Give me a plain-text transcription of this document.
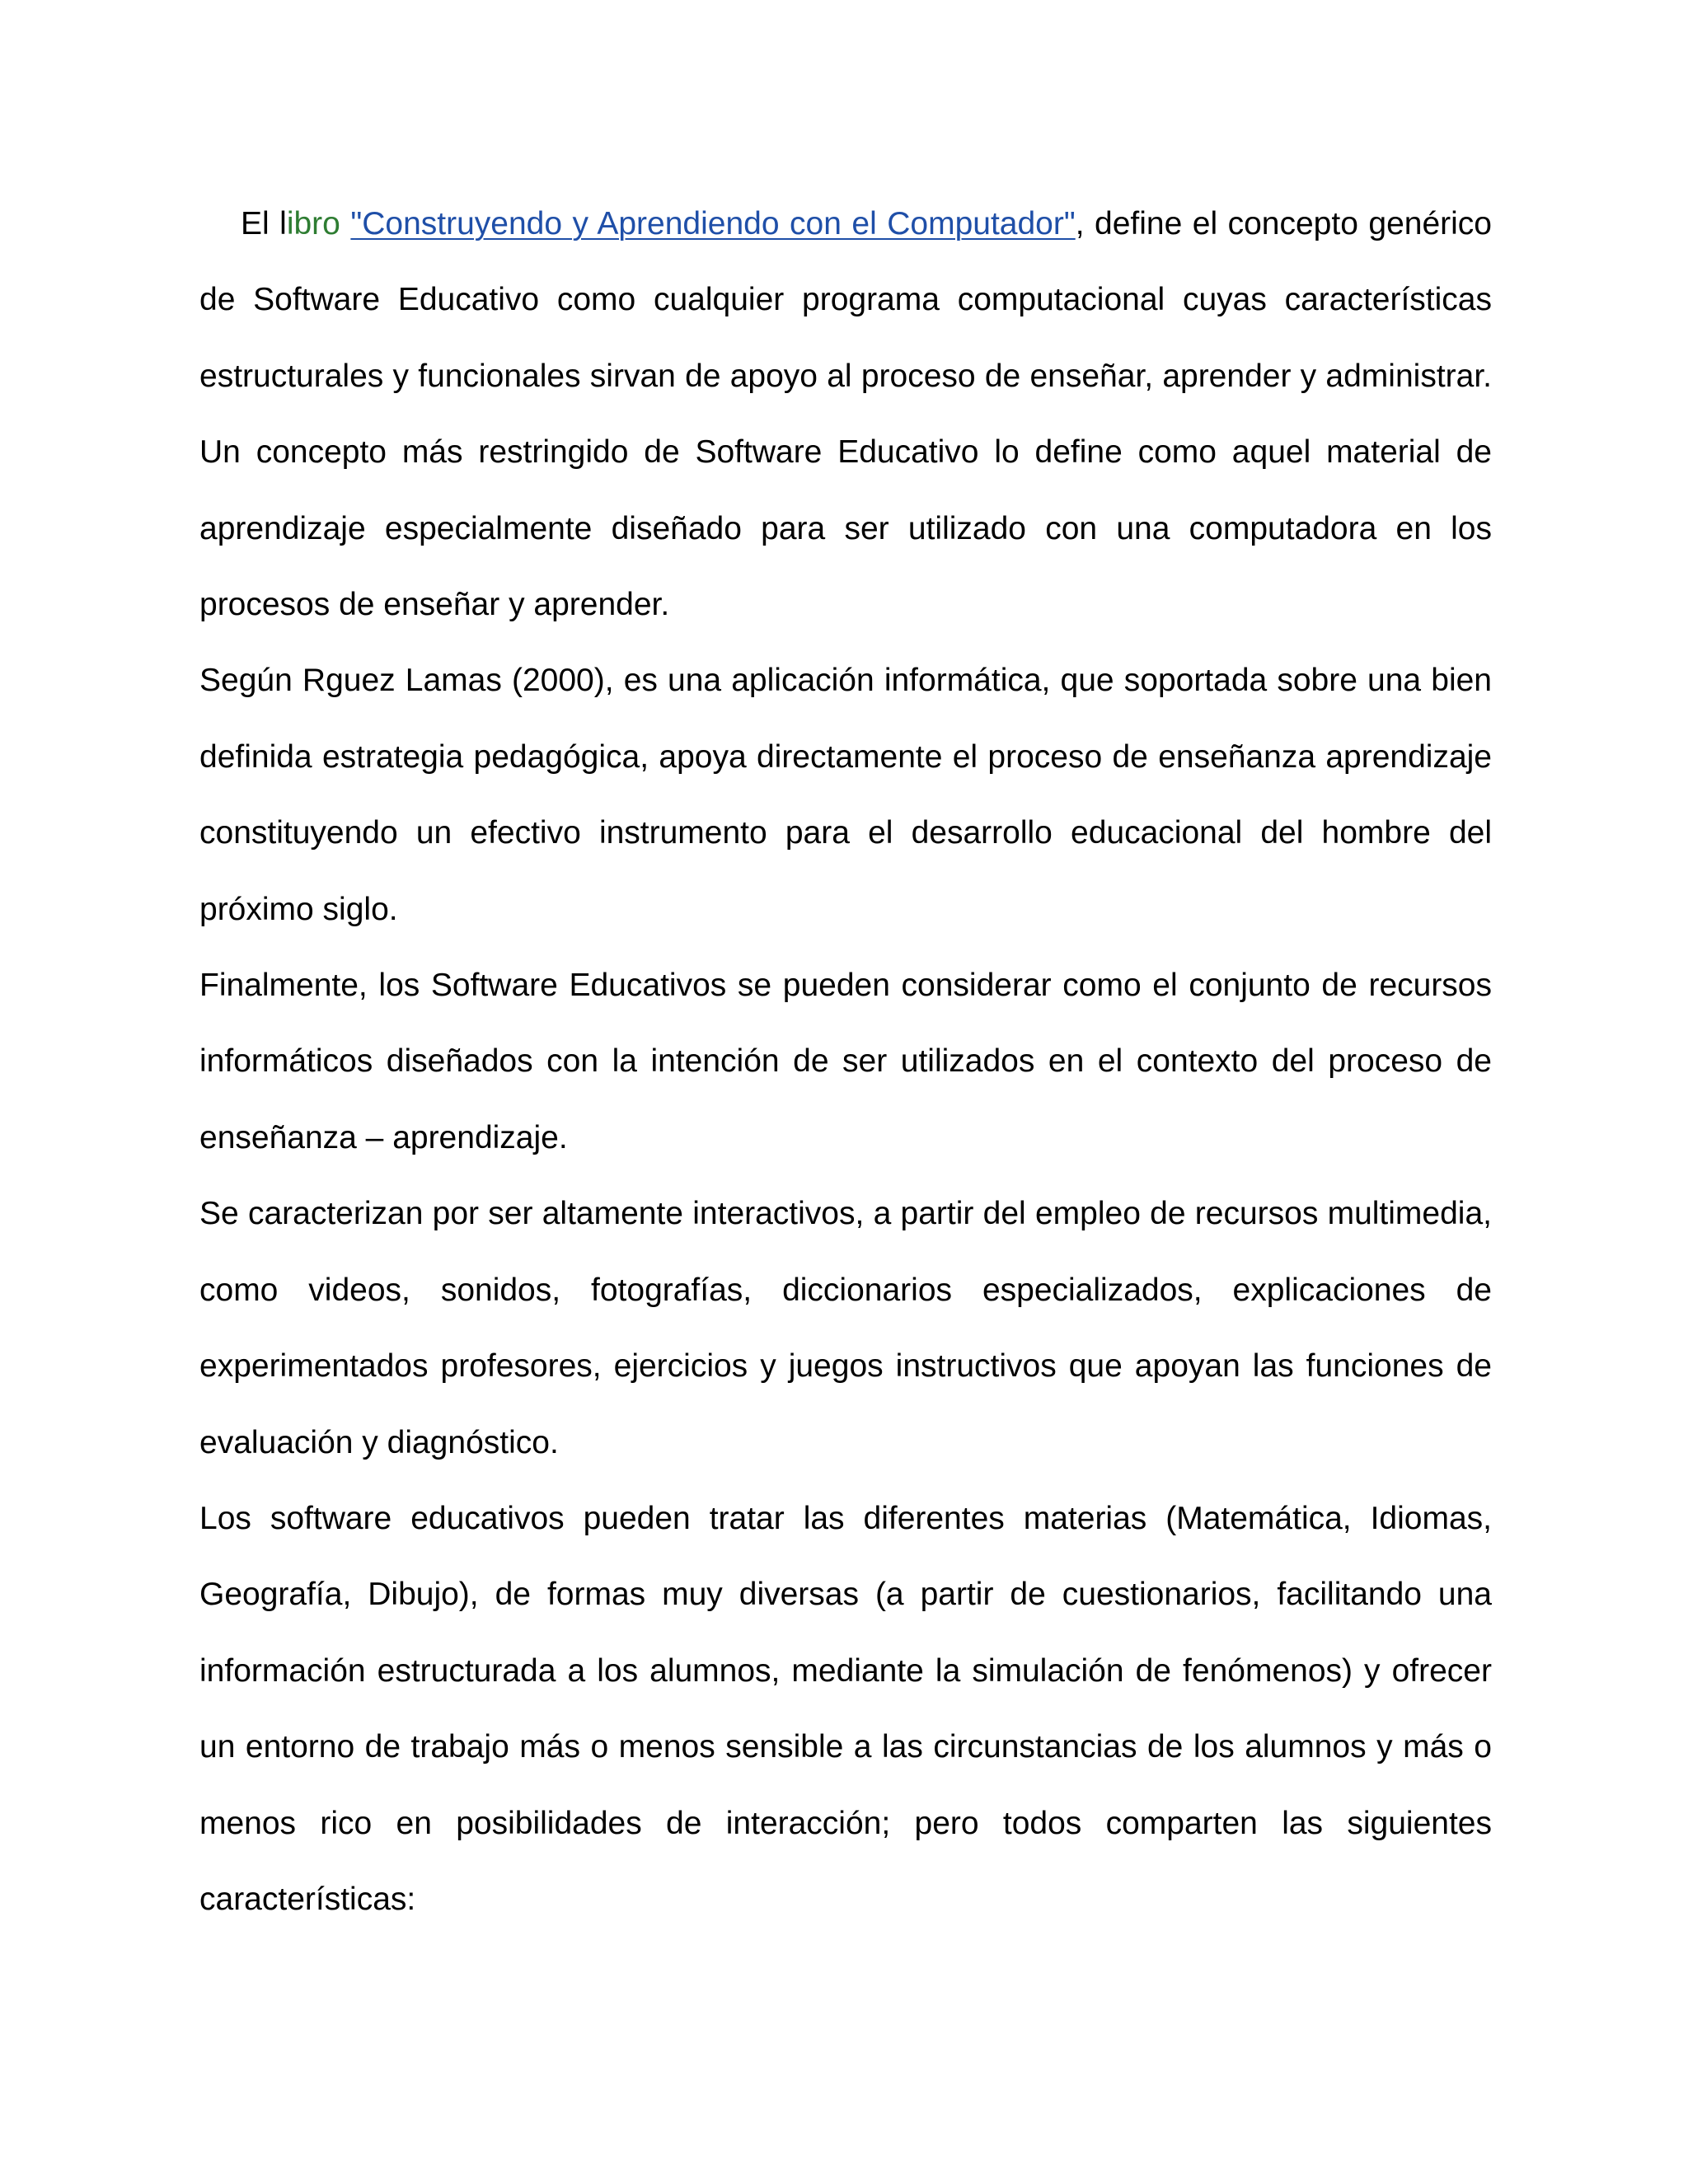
El libro "Construyendo y Aprendiendo con el Computador", define el concepto genérico de Software Educativo como cualquier programa computacional cuyas características estructurales y funcionales sirvan de apoyo al proceso de enseñar, aprender y administrar. Un concepto más restringido de Software Educativo lo define como aquel material de aprendizaje especialmente diseñado para ser utilizado con una computadora en los procesos de enseñar y aprender.

Según Rguez Lamas (2000), es una aplicación informática, que soportada sobre una bien definida estrategia pedagógica, apoya directamente el proceso de enseñanza aprendizaje constituyendo un efectivo instrumento para el desarrollo educacional del hombre del próximo siglo.

Finalmente, los Software Educativos se pueden considerar como el conjunto de recursos informáticos diseñados con la intención de ser utilizados en el contexto del proceso de enseñanza – aprendizaje.

Se caracterizan por ser altamente interactivos, a partir del empleo de recursos multimedia, como videos, sonidos, fotografías, diccionarios especializados, explicaciones de experimentados profesores, ejercicios y juegos instructivos que apoyan las funciones de evaluación y diagnóstico.

Los software educativos pueden tratar las diferentes materias (Matemática, Idiomas, Geografía, Dibujo), de formas muy diversas (a partir de cuestionarios, facilitando una información estructurada a los alumnos, mediante la simulación de fenómenos) y ofrecer un entorno de trabajo más o menos sensible a las circunstancias de los alumnos y más o menos rico en posibilidades de interacción; pero todos comparten las siguientes características:
